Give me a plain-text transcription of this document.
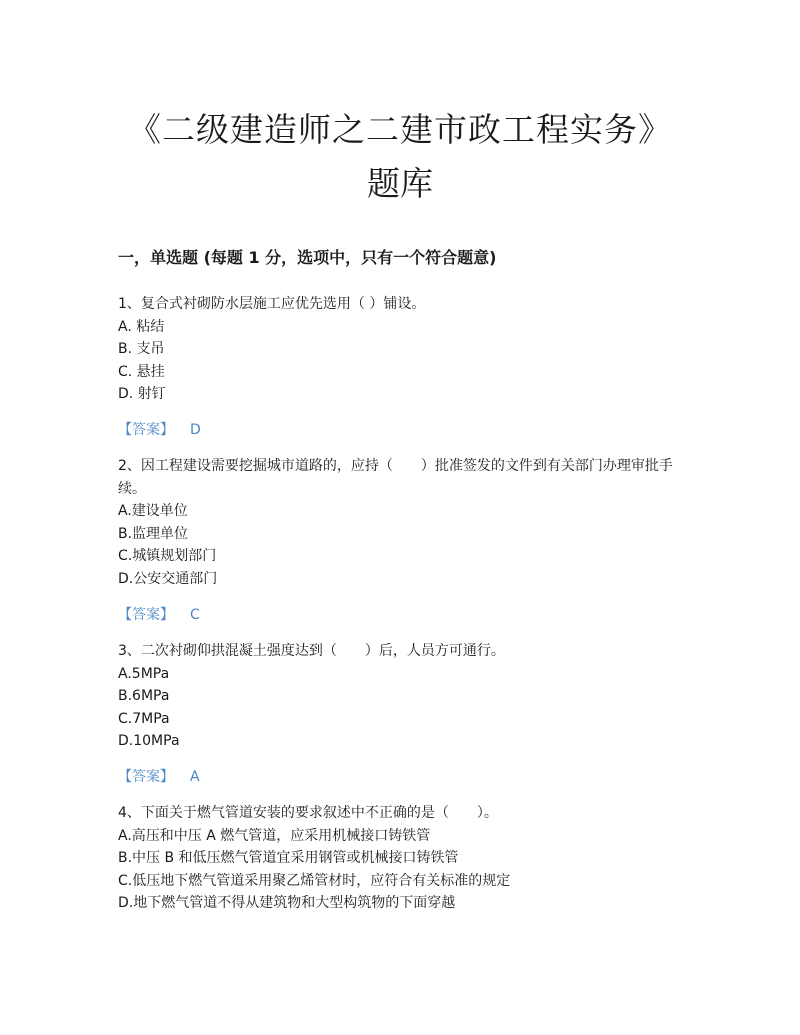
《二级建造师之二建市政工程实务》
题库
一，单选题 (每题 1 分，选项中，只有一个符合题意)

1、复合式衬砌防水层施工应优先选用（ ）铺设。

A. 粘结

B. 支吊

C. 悬挂

D. 射钉

【答案】 D

2、因工程建设需要挖掘城市道路的，应持（　　）批准签发的文件到有关部门办理审批手续。

A.建设单位

B.监理单位

C.城镇规划部门

D.公安交通部门

【答案】 C

3、二次衬砌仰拱混凝土强度达到（　　）后，人员方可通行。

A.5MPa

B.6MPa

C.7MPa

D.10MPa

【答案】 A

4、下面关于燃气管道安装的要求叙述中不正确的是（　　）。

A.高压和中压 A 燃气管道，应采用机械接口铸铁管

B.中压 B 和低压燃气管道宜采用钢管或机械接口铸铁管

C.低压地下燃气管道采用聚乙烯管材时，应符合有关标准的规定

D.地下燃气管道不得从建筑物和大型构筑物的下面穿越
